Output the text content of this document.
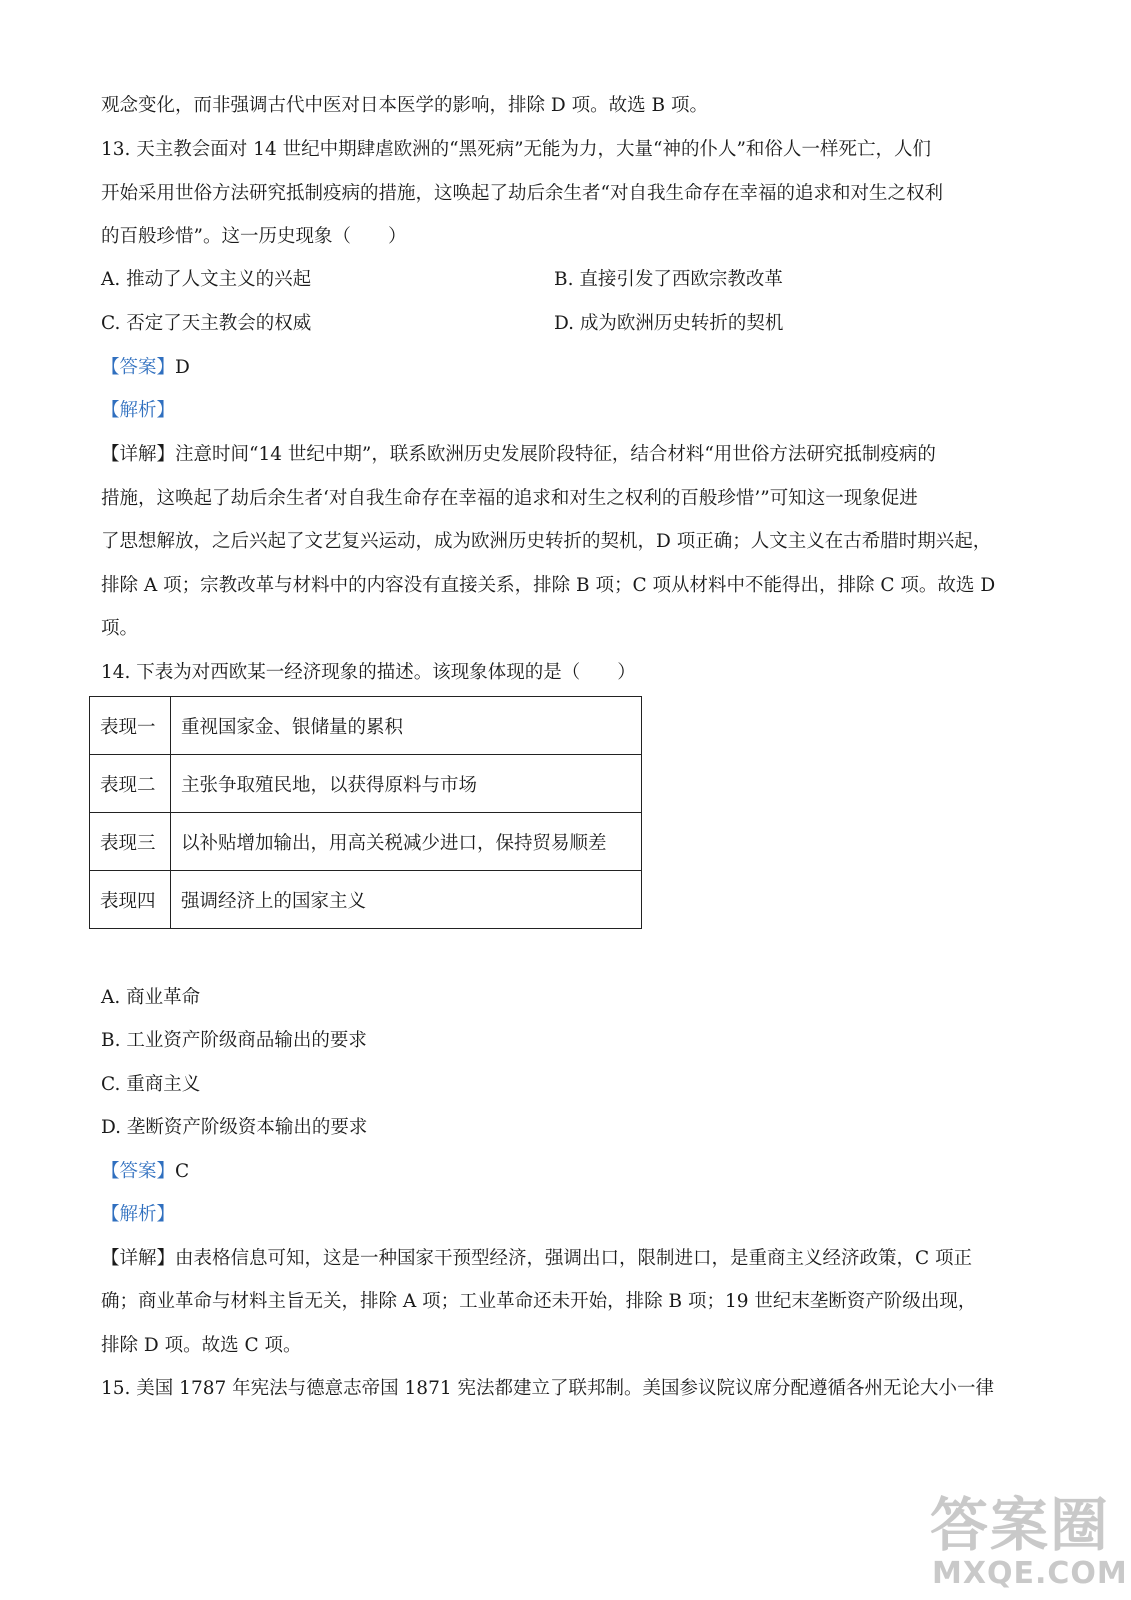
观念变化，而非强调古代中医对日本医学的影响，排除 D 项。故选 B 项。
13. 天主教会面对 14 世纪中期肆虐欧洲的“黑死病”无能为力，大量“神的仆人”和俗人一样死亡，人们
开始采用世俗方法研究抵制疫病的措施，这唤起了劫后余生者“对自我生命存在幸福的追求和对生之权利
的百般珍惜”。这一历史现象（　　）
A. 推动了人文主义的兴起	B. 直接引发了西欧宗教改革
C. 否定了天主教会的权威	D. 成为欧洲历史转折的契机
【答案】D
【解析】
【详解】注意时间“14 世纪中期”，联系欧洲历史发展阶段特征，结合材料“用世俗方法研究抵制疫病的
措施，这唤起了劫后余生者‘对自我生命存在幸福的追求和对生之权利的百般珍惜’”可知这一现象促进
了思想解放，之后兴起了文艺复兴运动，成为欧洲历史转折的契机，D 项正确；人文主义在古希腊时期兴起，
排除 A 项；宗教改革与材料中的内容没有直接关系，排除 B 项；C 项从材料中不能得出，排除 C 项。故选 D
项。
14. 下表为对西欧某一经济现象的描述。该现象体现的是（　　）
表现一	重视国家金、银储量的累积
表现二	主张争取殖民地，以获得原料与市场
表现三	以补贴增加输出，用高关税减少进口，保持贸易顺差
表现四	强调经济上的国家主义
A. 商业革命
B. 工业资产阶级商品输出的要求
C. 重商主义
D. 垄断资产阶级资本输出的要求
【答案】C
【解析】
【详解】由表格信息可知，这是一种国家干预型经济，强调出口，限制进口，是重商主义经济政策，C 项正
确；商业革命与材料主旨无关，排除 A 项；工业革命还未开始，排除 B 项；19 世纪末垄断资产阶级出现，
排除 D 项。故选 C 项。
15. 美国 1787 年宪法与德意志帝国 1871 宪法都建立了联邦制。美国参议院议席分配遵循各州无论大小一律
答案圈
MXQE.COM
